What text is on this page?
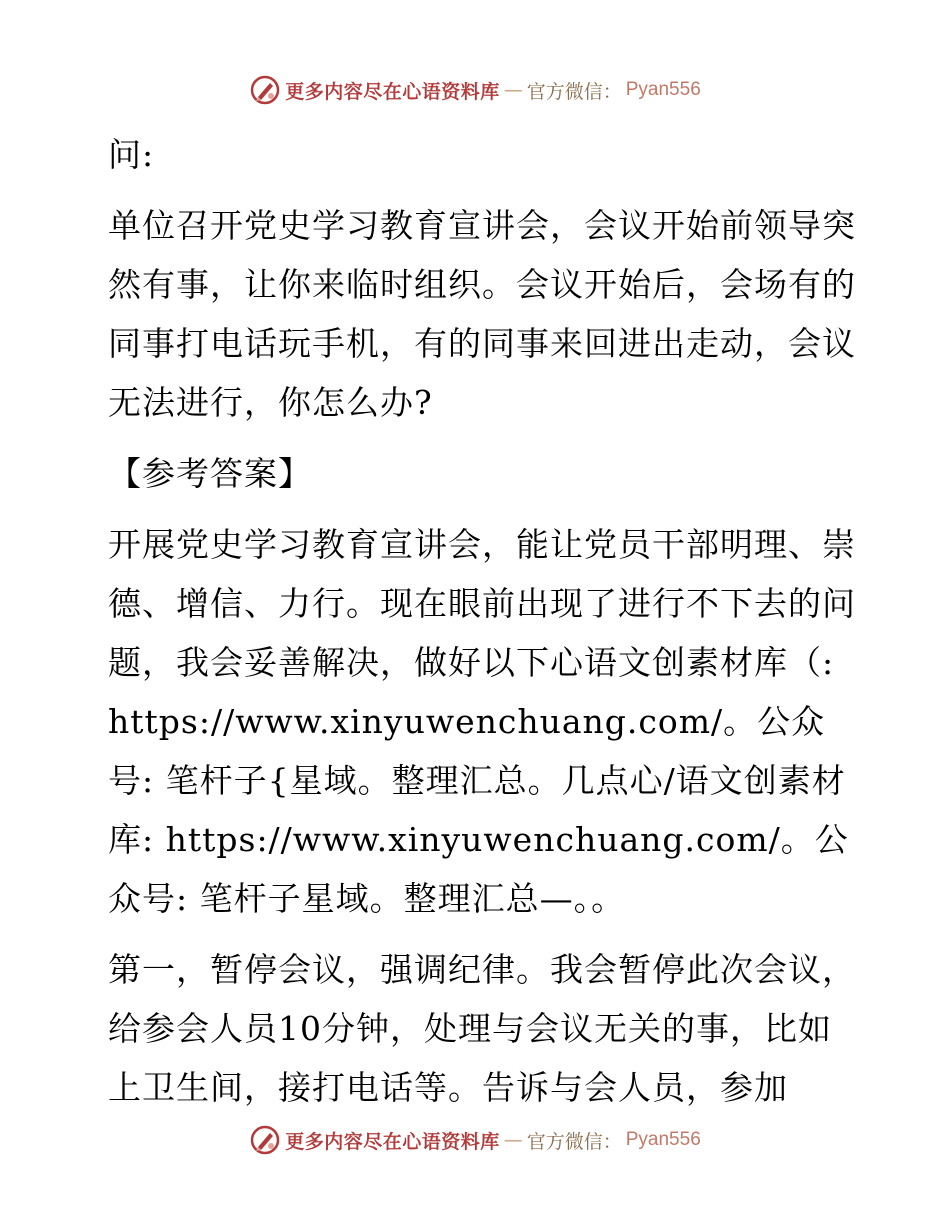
更多内容尽在心语资料库 — 官方微信： Pyan556

问:

单位召开党史学习教育宣讲会，会议开始前领导突然有事，让你来临时组织。会议开始后，会场有的同事打电话玩手机，有的同事来回进出走动，会议无法进行，你怎么办?

【参考答案】

开展党史学习教育宣讲会，能让党员干部明理、崇德、增信、力行。现在眼前出现了进行不下去的问题，我会妥善解决，做好以下心语文创素材库（: https://www.xinyuwenchuang.com/。公众号: 笔杆子{星域。整理汇总。几点心/语文创素材库: https://www.xinyuwenchuang.com/。公众号: 笔杆子星域。整理汇总—。。

第一，暂停会议，强调纪律。我会暂停此次会议，给参会人员10分钟，处理与会议无关的事，比如上卫生间，接打电话等。告诉与会人员，参加

更多内容尽在心语资料库 — 官方微信： Pyan556
